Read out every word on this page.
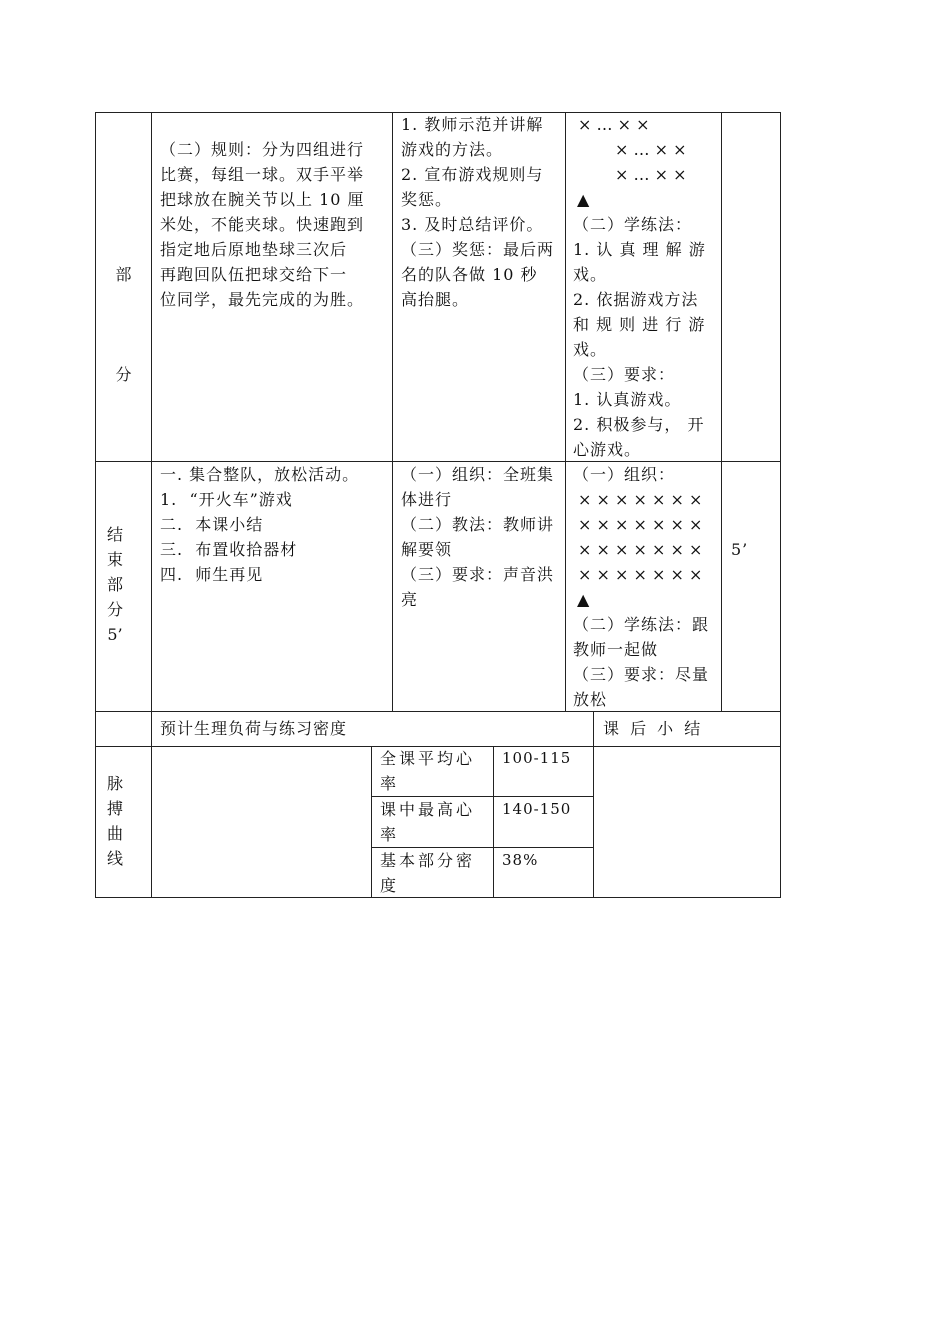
部
分
（二）规则：分为四组进行
比赛，每组一球。双手平举
把球放在腕关节以上 10 厘
米处，不能夹球。快速跑到
指定地后原地垫球三次后
再跑回队伍把球交给下一
位同学，最先完成的为胜。
1. 教师示范并讲解
游戏的方法。
2. 宣布游戏规则与
奖惩。
3. 及时总结评价。
（三）奖惩：最后两
名的队各做 10 秒
高抬腿。
× … × ×
× … × ×
× … × ×
▲
（二）学练法：
1. 认 真 理 解 游
戏。
2. 依据游戏方法
和 规 则 进 行 游
戏。
（三）要求：
1. 认真游戏。
2. 积极参与， 开
心游戏。
结
束
部
分
5’
一. 集合整队，放松活动。
1.  “开火车”游戏
二.  本课小结
三.  布置收拾器材
四.  师生再见
（一）组织：全班集
体进行
（二）教法：教师讲
解要领
（三）要求：声音洪
亮
（一）组织：
× × × × × × ×
× × × × × × ×
× × × × × × ×
× × × × × × ×
▲
（二）学练法：跟
教师一起做
（三）要求：尽量
放松
5’
预计生理负荷与练习密度	课 后 小 结
脉
搏
曲
线
全课平均心
率
100-115
课中最高心
率
140-150
基本部分密
度
38%
